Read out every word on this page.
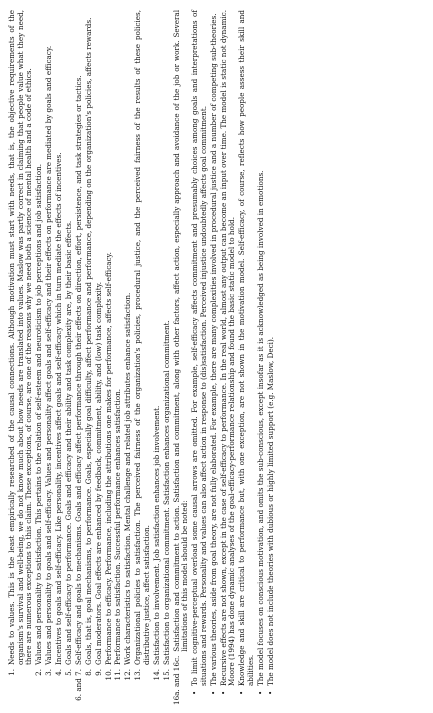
1.
Needs to values. This is the least empirically researched of the causal connections. Although motivation must start with needs, that is, the objective requirements of the organism's survival and well-being, we do not know much about how needs are translated into values. Maslow was partly correct in claiming that people value what they need, there are numerous exceptions to this claim. These exceptions, of course, are one of the reasons why we need both a science of mental health and a code of ethics.
2.
Values and personality to satisfaction. This pertains to the relation of self-esteem and neuroticism to job perceptions and job satisfaction.
3.
Values and personality to goals and self-efficacy. Values and personality affect goals and self-efficacy and their effects on performance are mediated by goals and efficacy.
4.
Incentives to goals and self-efficacy. Like personality, incentives affect goals and self-efficacy which in turn mediate the effects of incentives.
5.
Goals and self-efficacy to performance. Goals and efficacy and their ability and task complexity are, by their basic effects.
6. and 7.
Self-efficacy and goals to mechanisms. Goals and efficacy affect performance through their effects on direction, effort, persistence, and task strategies or tactics.
8.
Goals, that is, goal mechanisms, to performance. Goals, especially goal difficulty, affect performance and performance, depending on the organization's policies, affects rewards.
9.
Goal moderators. Goal effects are enhanced by feedback, commitment, ability, and (low) task complexity.
10.
Performance to efficacy. Performance, including the attributions one makes for performance, affects self-efficacy.
11.
Performance to satisfaction. Successful performance enhances satisfaction.
12.
Work characteristics to satisfaction. Mental challenge and related job attributes enhance satisfaction.
13.
Organizational policies to satisfaction. The perceived fairness of the organization's policies, procedural justice, and the perceived fairness of the results of these policies, distributive justice, affect satisfaction.
14.
Satisfaction to involvement. Job satisfaction enhances job involvement.
15.
Satisfaction to organizational commitment. Satisfaction enhances organizational commitment.
16a. and 16c.
Satisfaction and commitment to action. Satisfaction and commitment, along with other factors, affect action, especially approach and avoidance of the job or work. Several limitations of this model should be noted:
•
To limit cognitive-perceptual overload some causal arrows are omitted. For example, self-efficacy affects commitment and presumably choices among goals and interpretations of situations and rewards. Personality and values can also affect action in response to (dis)satisfaction. Perceived injustice undoubtedly affects goal commitment.
•
The various theories, aside from goal theory, are not fully elaborated. For example, there are many complexities involved in procedural justice and a number of competing sub-theories.
•
Recursive effects are not shown, except in the case of self-efficacy to performance. In the real world, almost any output can become an input over time. The model is static not dynamic. Moore (1994) has done dynamic analyses of the goal-efficacy-performance relationship and found the basic static model to hold.
•
Knowledge and skill are critical to performance but, with one exception, are not shown in the motivation model. Self-efficacy, of course, reflects how people assess their skill and abilities.
•
The model focuses on conscious motivation, and omits the sub-conscious, except insofar as it is acknowledged as being involved in emotions.
•
The model does not include theories with dubious or highly limited support (e.g. Maslow, Deci).
